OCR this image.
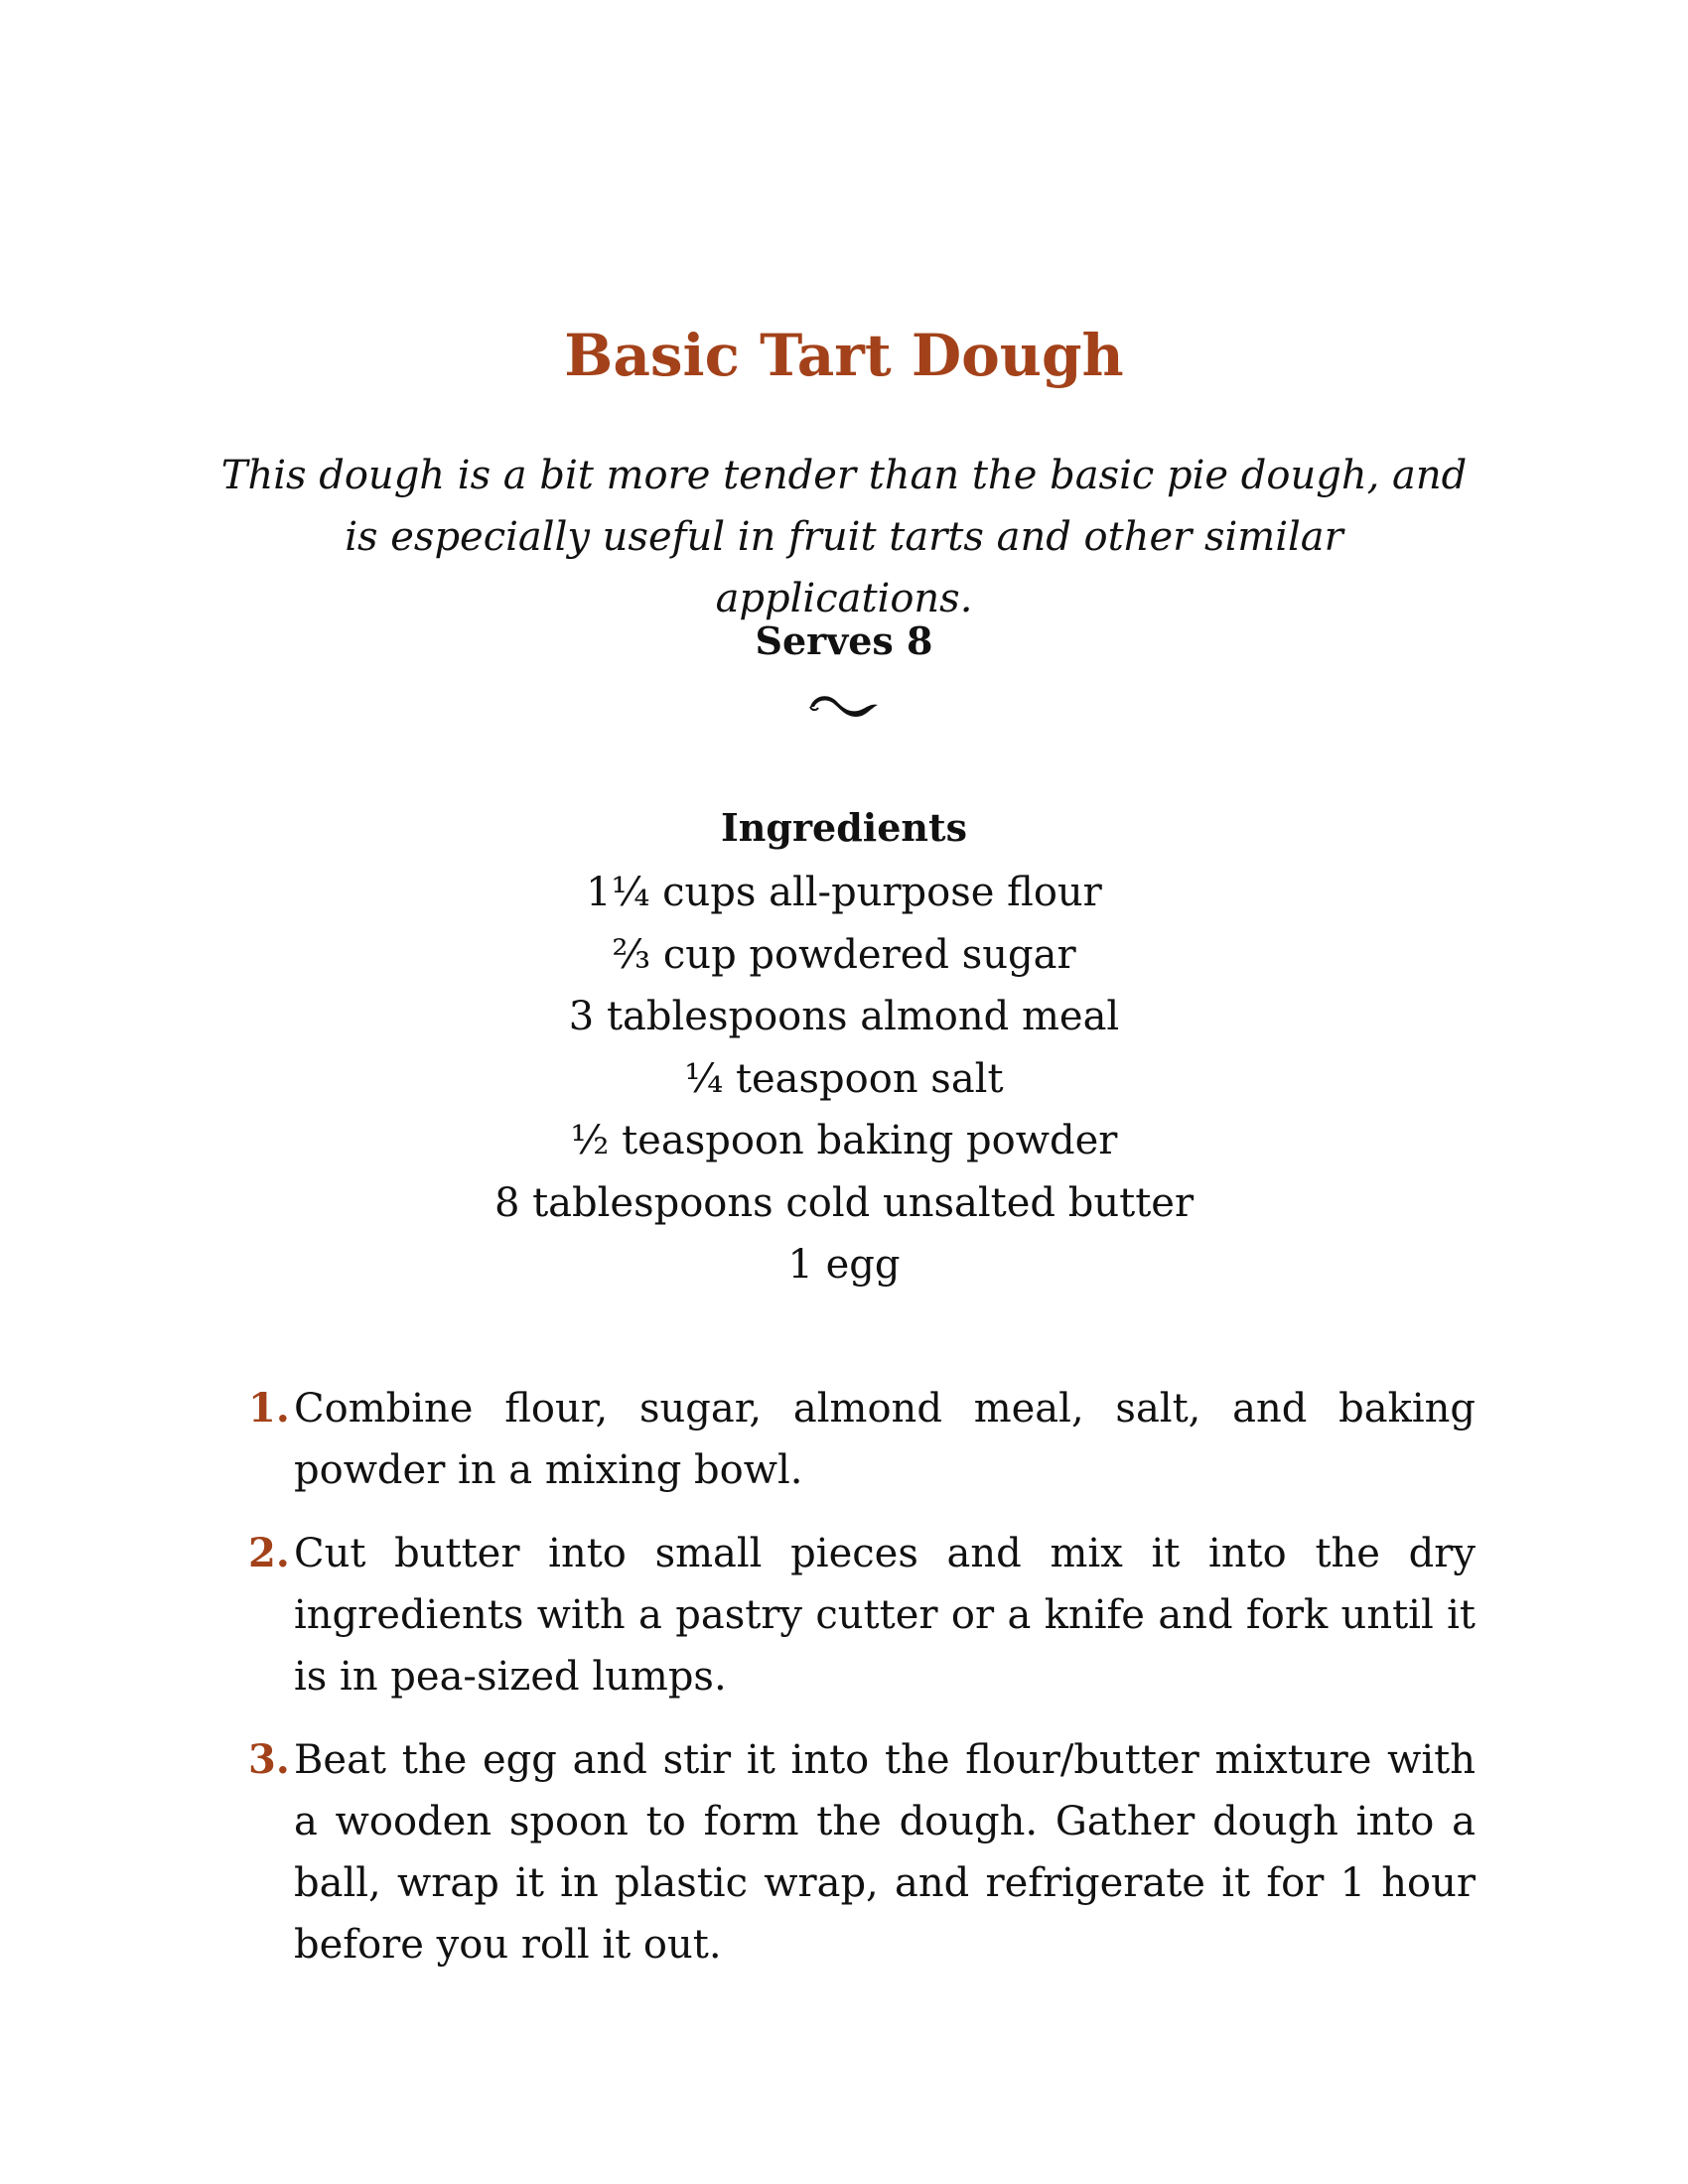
Basic Tart Dough

This dough is a bit more tender than the basic pie dough, and is especially useful in fruit tarts and other similar applications.

Serves 8

Ingredients

1¼ cups all-purpose flour
⅔ cup powdered sugar
3 tablespoons almond meal
¼ teaspoon salt
½ teaspoon baking powder
8 tablespoons cold unsalted butter
1 egg
1. Combine flour, sugar, almond meal, salt, and baking powder in a mixing bowl.
2. Cut butter into small pieces and mix it into the dry ingredients with a pastry cutter or a knife and fork until it is in pea-sized lumps.
3. Beat the egg and stir it into the flour/butter mixture with a wooden spoon to form the dough. Gather dough into a ball, wrap it in plastic wrap, and refrigerate it for 1 hour before you roll it out.
